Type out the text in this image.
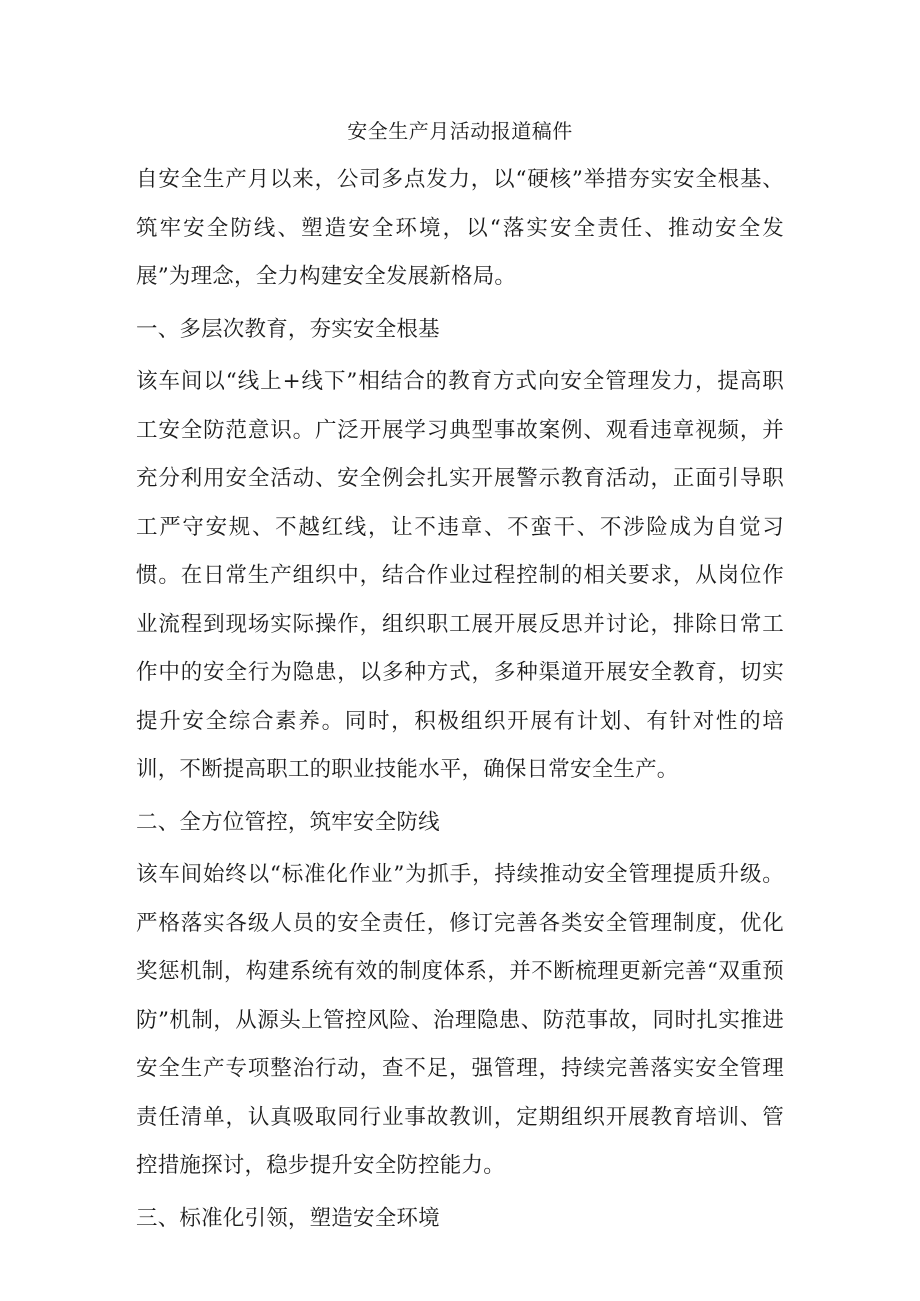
安全生产月活动报道稿件

自安全生产月以来，公司多点发力，以“硬核”举措夯实安全根基、筑牢安全防线、塑造安全环境，以“落实安全责任、推动安全发展”为理念，全力构建安全发展新格局。

一、多层次教育，夯实安全根基

该车间以“线上+线下”相结合的教育方式向安全管理发力，提高职工安全防范意识。广泛开展学习典型事故案例、观看违章视频，并充分利用安全活动、安全例会扎实开展警示教育活动，正面引导职工严守安规、不越红线，让不违章、不蛮干、不涉险成为自觉习惯。在日常生产组织中，结合作业过程控制的相关要求，从岗位作业流程到现场实际操作，组织职工展开展反思并讨论，排除日常工作中的安全行为隐患，以多种方式，多种渠道开展安全教育，切实提升安全综合素养。同时，积极组织开展有计划、有针对性的培训，不断提高职工的职业技能水平，确保日常安全生产。

二、全方位管控，筑牢安全防线

该车间始终以“标准化作业”为抓手，持续推动安全管理提质升级。严格落实各级人员的安全责任，修订完善各类安全管理制度，优化奖惩机制，构建系统有效的制度体系，并不断梳理更新完善“双重预防”机制，从源头上管控风险、治理隐患、防范事故，同时扎实推进安全生产专项整治行动，查不足，强管理，持续完善落实安全管理责任清单，认真吸取同行业事故教训，定期组织开展教育培训、管控措施探讨，稳步提升安全防控能力。

三、标准化引领，塑造安全环境
